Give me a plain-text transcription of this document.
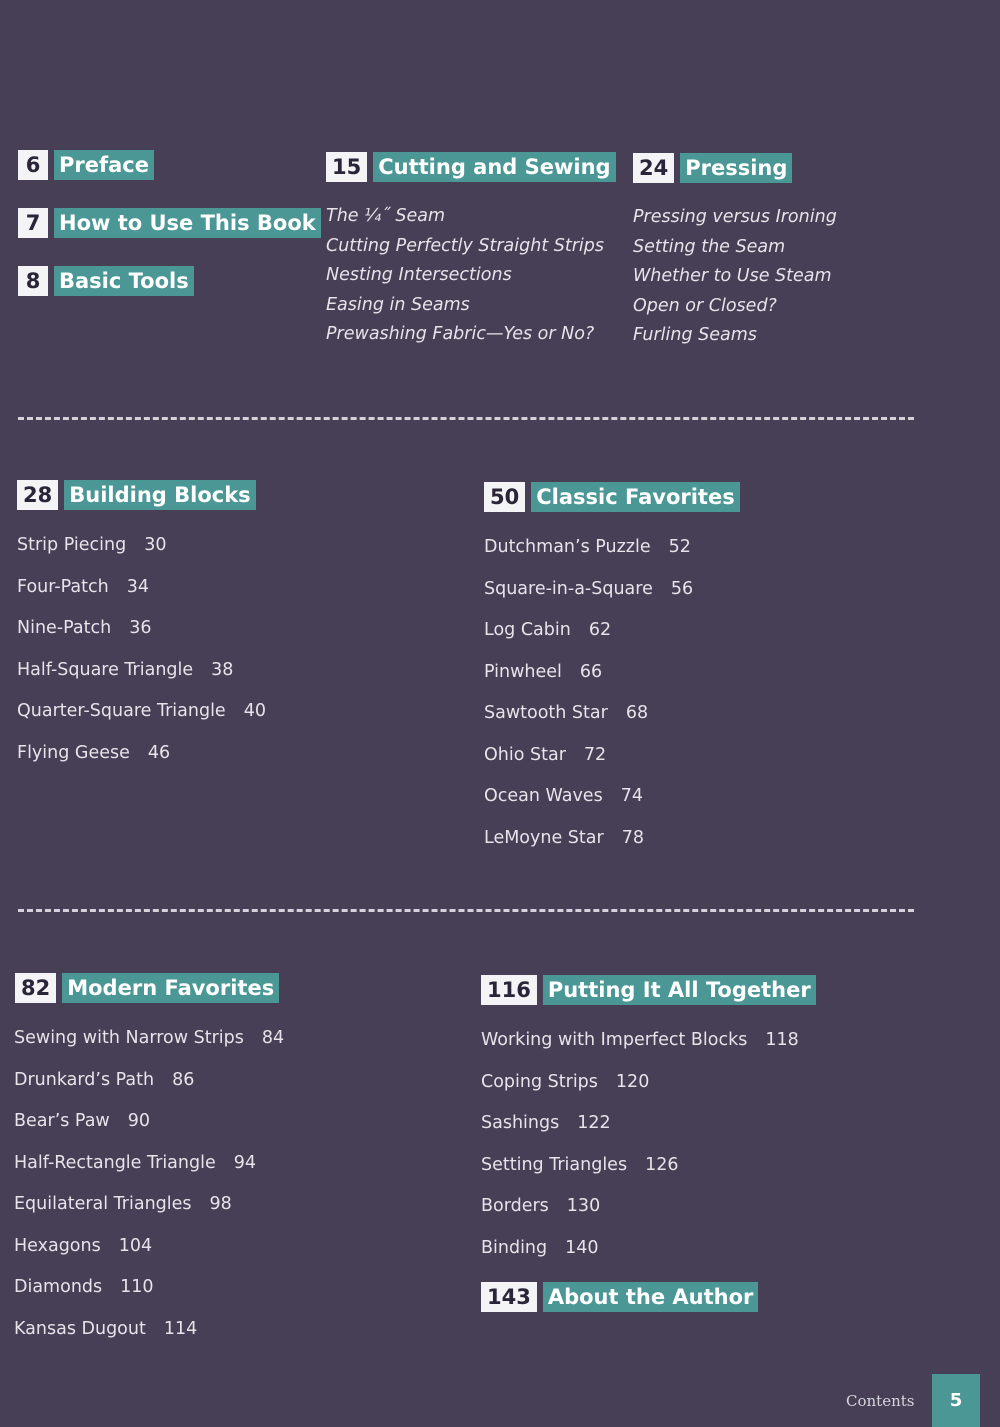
6 Preface
7 How to Use This Book
8 Basic Tools
15 Cutting and Sewing
The ¼˝ Seam
Cutting Perfectly Straight Strips
Nesting Intersections
Easing in Seams
Prewashing Fabric—Yes or No?
24 Pressing
Pressing versus Ironing
Setting the Seam
Whether to Use Steam
Open or Closed?
Furling Seams
28 Building Blocks
Strip Piecing 30
Four-Patch 34
Nine-Patch 36
Half-Square Triangle 38
Quarter-Square Triangle 40
Flying Geese 46
50 Classic Favorites
Dutchman’s Puzzle 52
Square-in-a-Square 56
Log Cabin 62
Pinwheel 66
Sawtooth Star 68
Ohio Star 72
Ocean Waves 74
LeMoyne Star 78
82 Modern Favorites
Sewing with Narrow Strips 84
Drunkard’s Path 86
Bear’s Paw 90
Half-Rectangle Triangle 94
Equilateral Triangles 98
Hexagons 104
Diamonds 110
Kansas Dugout 114
116 Putting It All Together
Working with Imperfect Blocks 118
Coping Strips 120
Sashings 122
Setting Triangles 126
Borders 130
Binding 140
143 About the Author
Contents	5
